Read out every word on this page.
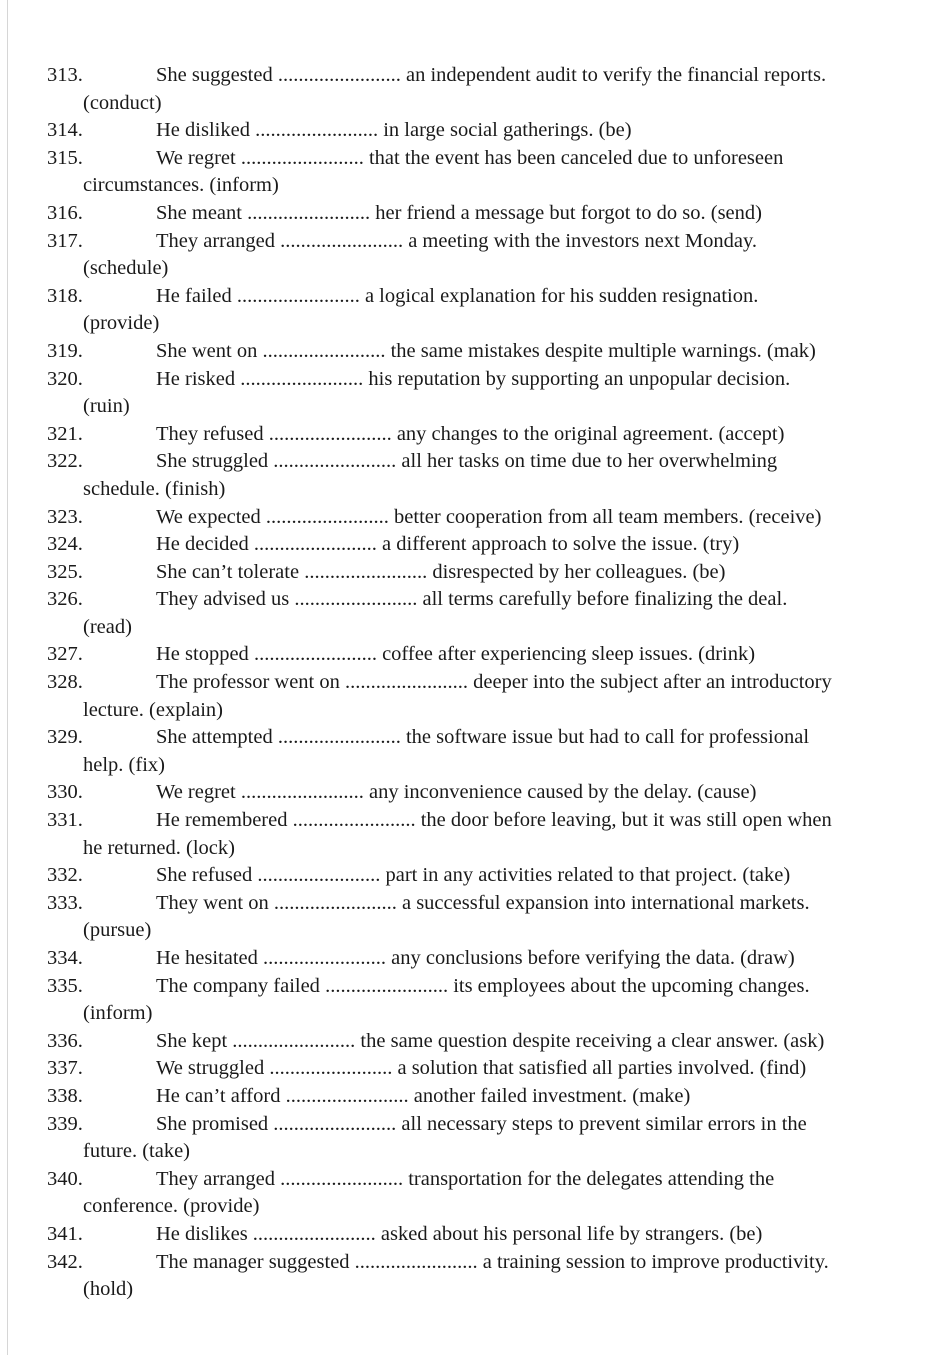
313.	She suggested ........................ an independent audit to verify the financial reports.
(conduct)
314.	He disliked ........................ in large social gatherings. (be)
315.	We regret ........................ that the event has been canceled due to unforeseen
circumstances. (inform)
316.	She meant ........................ her friend a message but forgot to do so. (send)
317.	They arranged ........................ a meeting with the investors next Monday.
(schedule)
318.	He failed ........................ a logical explanation for his sudden resignation.
(provide)
319.	She went on ........................ the same mistakes despite multiple warnings. (mak)
320.	He risked ........................ his reputation by supporting an unpopular decision.
(ruin)
321.	They refused ........................ any changes to the original agreement. (accept)
322.	She struggled ........................ all her tasks on time due to her overwhelming
schedule. (finish)
323.	We expected ........................ better cooperation from all team members. (receive)
324.	He decided ........................ a different approach to solve the issue. (try)
325.	She can’t tolerate ........................ disrespected by her colleagues. (be)
326.	They advised us ........................ all terms carefully before finalizing the deal.
(read)
327.	He stopped ........................ coffee after experiencing sleep issues. (drink)
328.	The professor went on ........................ deeper into the subject after an introductory
lecture. (explain)
329.	She attempted ........................ the software issue but had to call for professional
help. (fix)
330.	We regret ........................ any inconvenience caused by the delay. (cause)
331.	He remembered ........................ the door before leaving, but it was still open when
he returned. (lock)
332.	She refused ........................ part in any activities related to that project. (take)
333.	They went on ........................ a successful expansion into international markets.
(pursue)
334.	He hesitated ........................ any conclusions before verifying the data. (draw)
335.	The company failed ........................ its employees about the upcoming changes.
(inform)
336.	She kept ........................ the same question despite receiving a clear answer. (ask)
337.	We struggled ........................ a solution that satisfied all parties involved. (find)
338.	He can’t afford ........................ another failed investment. (make)
339.	She promised ........................ all necessary steps to prevent similar errors in the
future. (take)
340.	They arranged ........................ transportation for the delegates attending the
conference. (provide)
341.	He dislikes ........................ asked about his personal life by strangers. (be)
342.	The manager suggested ........................ a training session to improve productivity.
(hold)
